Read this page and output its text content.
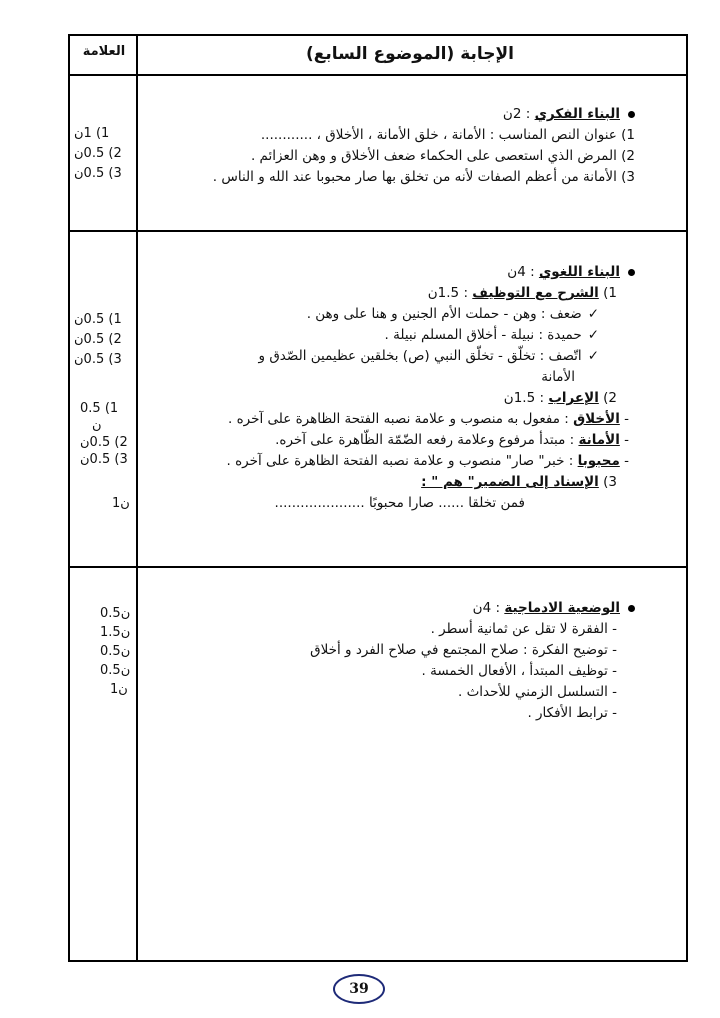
الإجابة (الموضوع السابع)
العلامة
البناء الفكري : 2ن
1) عنوان النص المناسب : الأمانة ، خلق الأمانة ، الأخلاق ، ............
2) المرض الذي استعصى على الحكماء ضعف الأخلاق و وهن العزائم .
3) الأمانة من أعظم الصفات لأنه من تخلق بها صار محبوبا عند الله و الناس .
1) 1ن
2) 0.5ن
3) 0.5ن
البناء اللغوي : 4ن
1) الشرح مع التوظيف : 1.5ن
✓ضعف : وهن - حملت الأم الجنين و هنا على وهن .
✓حميدة : نبيلة - أخلاق المسلم نبيلة .
✓اتّصف : تخلّق - تخلّق النبي (ص) بخلقين عظيمين الصّدق و
الأمانة
2) الإعراب : 1.5ن
- الأخلاق : مفعول به منصوب و علامة نصبه الفتحة الظاهرة على آخره .
- الأمانة : مبتدأ مرفوع وعلامة رفعه الضّمّة الظّاهرة على آخره.
- محبوبا : خبر" صار" منصوب و علامة نصبه الفتحة الظاهرة على آخره .
3) الإسناد إلى الضمير" هم " :
فمن تخلقا ...... صارا محبوبًا .....................
1) 0.5ن
2) 0.5ن
3) 0.5ن
1) 0.5
ن
2) 0.5ن
3) 0.5ن
1ن
الوضعية الادماجية : 4ن
- الفقرة لا تقل عن ثمانية أسطر .
- توضيح الفكرة : صلاح المجتمع في صلاح الفرد و أخلاق
- توظيف المبتدأ ، الأفعال الخمسة .
- التسلسل الزمني للأحداث .
- ترابط الأفكار .
0.5ن
1.5ن
0.5ن
0.5ن
1ن
39
